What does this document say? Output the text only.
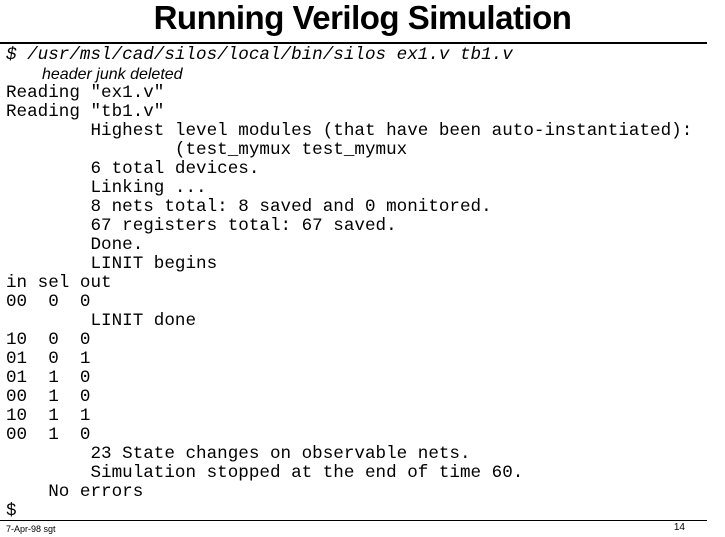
Running Verilog Simulation
$ /usr/msl/cad/silos/local/bin/silos ex1.v tb1.v
header junk deleted
Reading "ex1.v"
Reading "tb1.v"
Highest level modules (that have been auto-instantiated):
(test_mymux test_mymux
6 total devices.
Linking ...
8 nets total: 8 saved and 0 monitored.
67 registers total: 67 saved.
Done.
LINIT begins
in sel out
00  0  0
LINIT done
10  0  0
01  0  1
01  1  0
00  1  0
10  1  1
00  1  0
23 State changes on observable nets.
Simulation stopped at the end of time 60.
No errors
$
7-Apr-98 sgt	14
